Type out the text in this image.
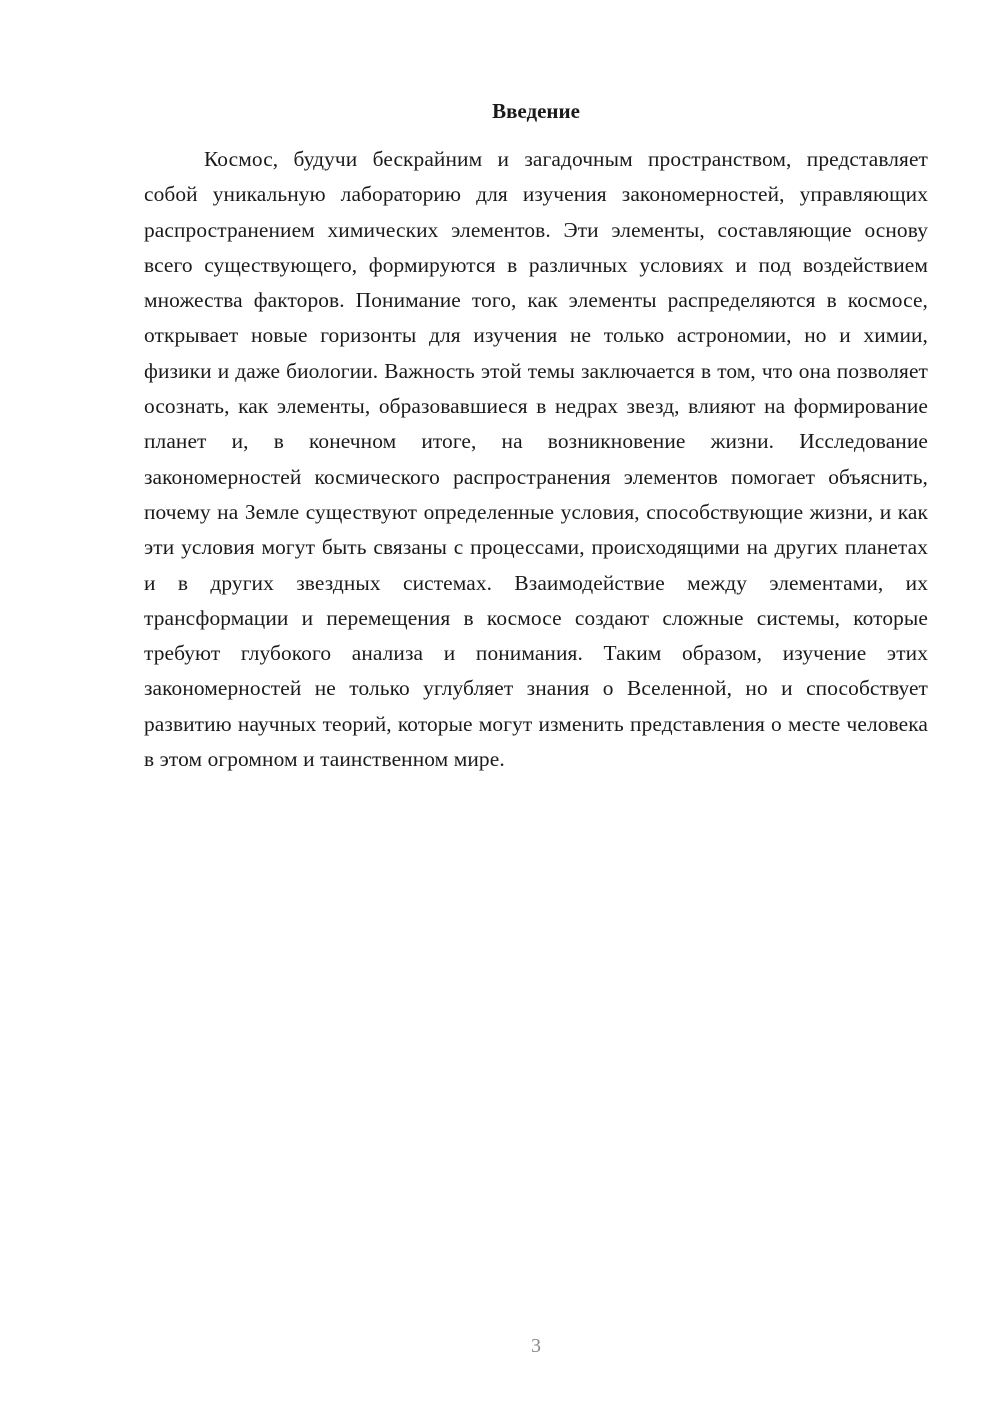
Введение

Космос, будучи бескрайним и загадочным пространством, представляет собой уникальную лабораторию для изучения закономерностей, управляющих распространением химических элементов. Эти элементы, составляющие основу всего существующего, формируются в различных условиях и под воздействием множества факторов. Понимание того, как элементы распределяются в космосе, открывает новые горизонты для изучения не только астрономии, но и химии, физики и даже биологии. Важность этой темы заключается в том, что она позволяет осознать, как элементы, образовавшиеся в недрах звезд, влияют на формирование планет и, в конечном итоге, на возникновение жизни. Исследование закономерностей космического распространения элементов помогает объяснить, почему на Земле существуют определенные условия, способствующие жизни, и как эти условия могут быть связаны с процессами, происходящими на других планетах и в других звездных системах. Взаимодействие между элементами, их трансформации и перемещения в космосе создают сложные системы, которые требуют глубокого анализа и понимания. Таким образом, изучение этих закономерностей не только углубляет знания о Вселенной, но и способствует развитию научных теорий, которые могут изменить представления о месте человека в этом огромном и таинственном мире.

3
